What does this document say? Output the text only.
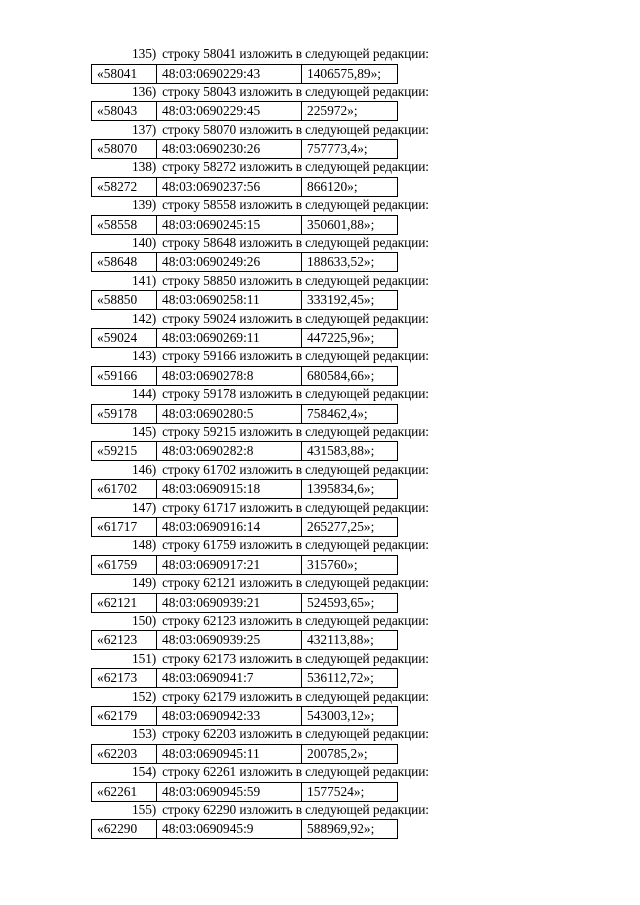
135) строку 58041 изложить в следующей редакции:
«58041	48:03:0690229:43	1406575,89»;
136) строку 58043 изложить в следующей редакции:
«58043	48:03:0690229:45	225972»;
137) строку 58070 изложить в следующей редакции:
«58070	48:03:0690230:26	757773,4»;
138) строку 58272 изложить в следующей редакции:
«58272	48:03:0690237:56	866120»;
139) строку 58558 изложить в следующей редакции:
«58558	48:03:0690245:15	350601,88»;
140) строку 58648 изложить в следующей редакции:
«58648	48:03:0690249:26	188633,52»;
141) строку 58850 изложить в следующей редакции:
«58850	48:03:0690258:11	333192,45»;
142) строку 59024 изложить в следующей редакции:
«59024	48:03:0690269:11	447225,96»;
143) строку 59166 изложить в следующей редакции:
«59166	48:03:0690278:8	680584,66»;
144) строку 59178 изложить в следующей редакции:
«59178	48:03:0690280:5	758462,4»;
145) строку 59215 изложить в следующей редакции:
«59215	48:03:0690282:8	431583,88»;
146) строку 61702 изложить в следующей редакции:
«61702	48:03:0690915:18	1395834,6»;
147) строку 61717 изложить в следующей редакции:
«61717	48:03:0690916:14	265277,25»;
148) строку 61759 изложить в следующей редакции:
«61759	48:03:0690917:21	315760»;
149) строку 62121 изложить в следующей редакции:
«62121	48:03:0690939:21	524593,65»;
150) строку 62123 изложить в следующей редакции:
«62123	48:03:0690939:25	432113,88»;
151) строку 62173 изложить в следующей редакции:
«62173	48:03:0690941:7	536112,72»;
152) строку 62179 изложить в следующей редакции:
«62179	48:03:0690942:33	543003,12»;
153) строку 62203 изложить в следующей редакции:
«62203	48:03:0690945:11	200785,2»;
154) строку 62261 изложить в следующей редакции:
«62261	48:03:0690945:59	1577524»;
155) строку 62290 изложить в следующей редакции:
«62290	48:03:0690945:9	588969,92»;
